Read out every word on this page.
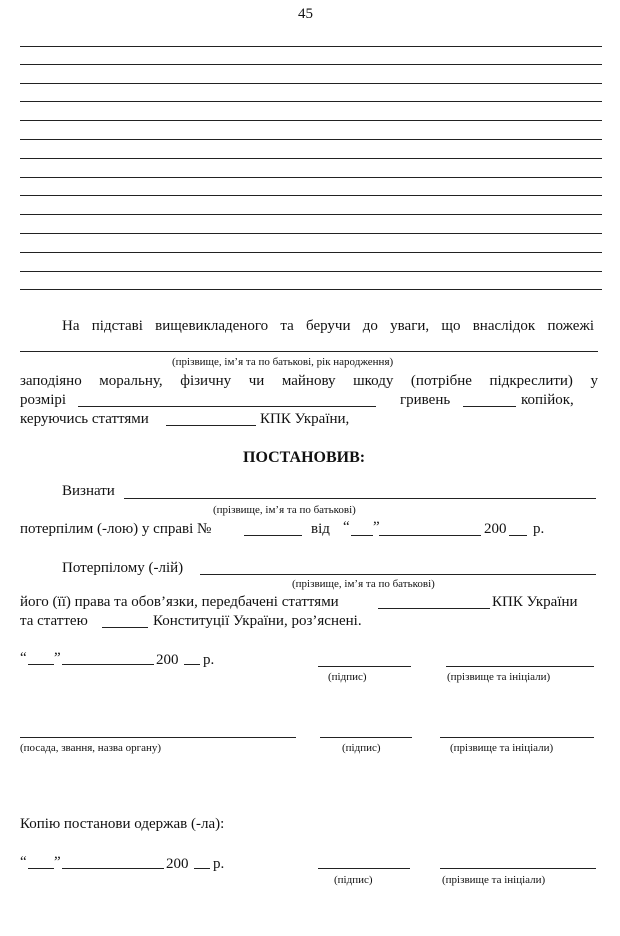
45
На підставі вищевикладеного та беручи до уваги, що внаслідок пожежі
(прізвище, ім’я та по батькові, рік народження)
заподіяно моральну, фізичну чи майнову шкоду (потрібне підкреслити) у
розмірі	гривень	копійок,
керуючись статтями	КПК України,
ПОСТАНОВИВ:
Визнати
(прізвище, ім’я та по батькові)
потерпілим (-лою) у справі №	від “ ”	200 р.
Потерпілому (-лій)
(прізвище, ім’я та по батькові)
його (її) права та обов’язки, передбачені статтями	КПК України
та статтею	Конституції України, роз’яснені.
“ ”	200 р.
(підпис)	(прізвище та ініціали)
(посада, звання, назва органу)	(підпис)	(прізвище та ініціали)
Копію постанови одержав (-ла):
“ ”	200 р.
(підпис)	(прізвище та ініціали)
